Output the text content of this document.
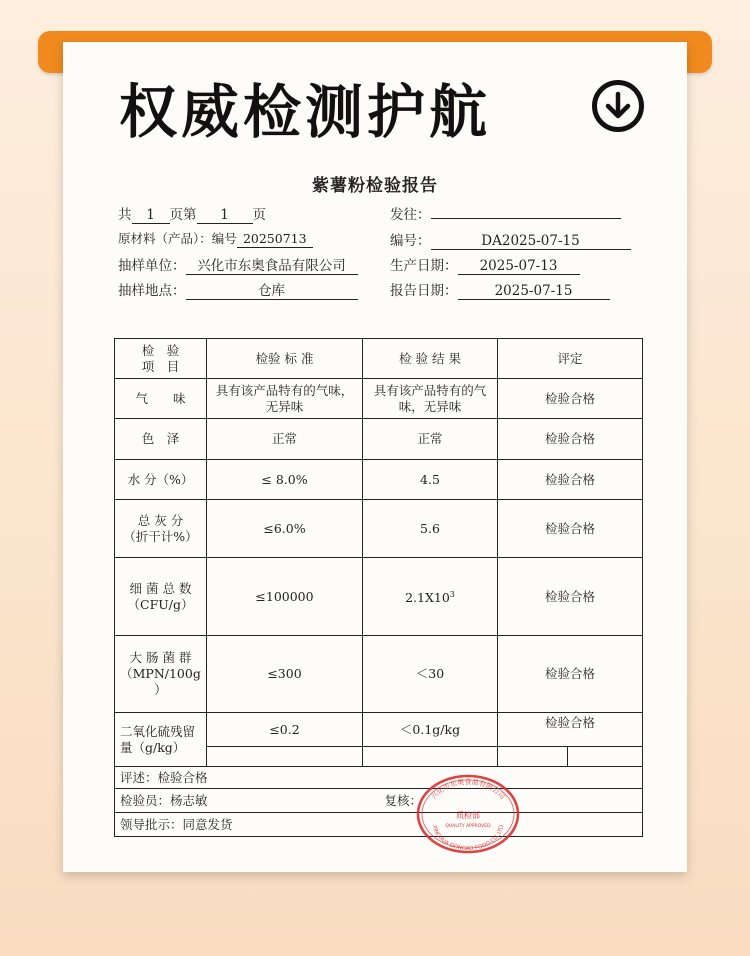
权威检测护航
紫薯粉检验报告
共 1 页第 1 页	发往：
原材料（产品）：编号 20250713	编号：	DA2025-07-15
抽样单位： 兴化市东奥食品有限公司	生产日期： 2025-07-13
抽样地点：	仓库	报告日期：	2025-07-15
检　验
项　目	检验 标 准	检 验 结 果	评定	
气　　味	具有该产品特有的气味，无异味	具有该产品特有的气味，无异味	检验合格	
色　泽	正常	正常	检验合格	
水 分（%）	≤ 8.0%	4.5	检验合格	
总 灰 分
（折干计%）	≤6.0%	5.6	检验合格	
细 菌 总 数
（CFU/g）	≤100000	$2.1X10^3$	检验合格	
大 肠 菌 群
（MPN/100g
）	≤300	＜30	检验合格	
二氧化硫残留
量（g/kg）	≤0.2	＜0.1g/kg	检验合格	

评述：检验合格				
检验员：杨志敏		复核：		
领导批示：同意发货				
兴化市东奥食品有限公司
XINGHUA DONGAO FOOD CO.,LTD
质检部
QUALITY APPROVED
